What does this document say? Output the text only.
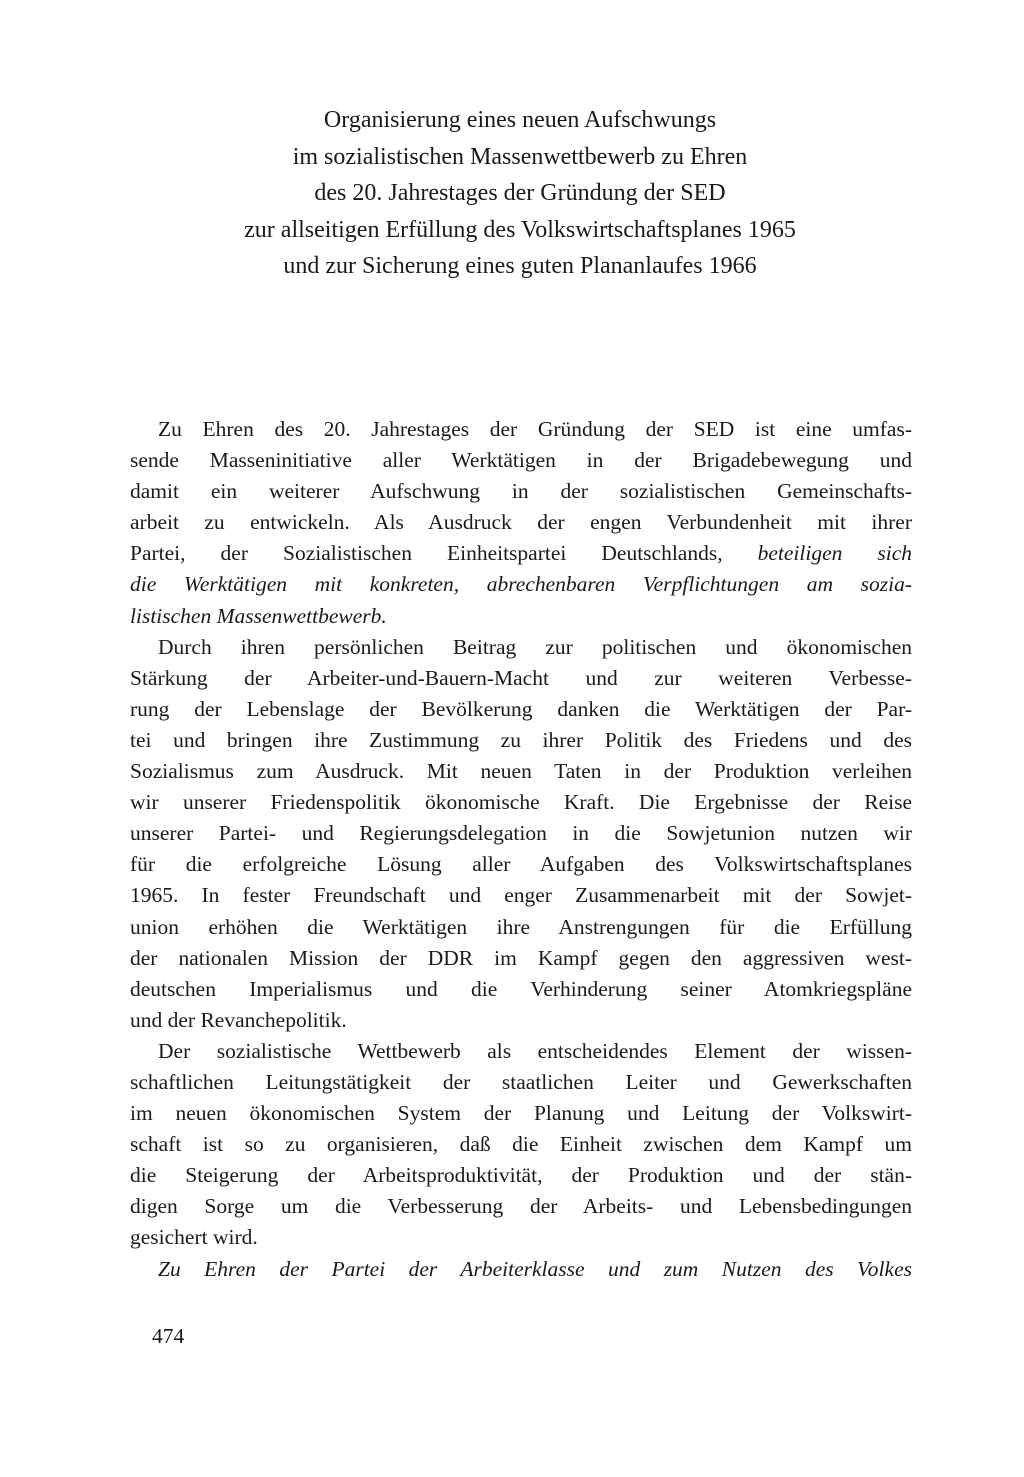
Organisierung eines neuen Aufschwungs
im sozialistischen Massenwettbewerb zu Ehren
des 20. Jahrestages der Gründung der SED
zur allseitigen Erfüllung des Volkswirtschaftsplanes 1965
und zur Sicherung eines guten Plananlaufes 1966
Zu Ehren des 20. Jahrestages der Gründung der SED ist eine umfas-
sende Masseninitiative aller Werktätigen in der Brigadebewegung und
damit ein weiterer Aufschwung in der sozialistischen Gemeinschafts-
arbeit zu entwickeln. Als Ausdruck der engen Verbundenheit mit ihrer
Partei, der Sozialistischen Einheitspartei Deutschlands, beteiligen sich
die Werktätigen mit konkreten, abrechenbaren Verpflichtungen am sozia-
listischen Massenwettbewerb.
Durch ihren persönlichen Beitrag zur politischen und ökonomischen
Stärkung der Arbeiter-und-Bauern-Macht und zur weiteren Verbesse-
rung der Lebenslage der Bevölkerung danken die Werktätigen der Par-
tei und bringen ihre Zustimmung zu ihrer Politik des Friedens und des
Sozialismus zum Ausdruck. Mit neuen Taten in der Produktion verleihen
wir unserer Friedenspolitik ökonomische Kraft. Die Ergebnisse der Reise
unserer Partei- und Regierungsdelegation in die Sowjetunion nutzen wir
für die erfolgreiche Lösung aller Aufgaben des Volkswirtschaftsplanes
1965. In fester Freundschaft und enger Zusammenarbeit mit der Sowjet-
union erhöhen die Werktätigen ihre Anstrengungen für die Erfüllung
der nationalen Mission der DDR im Kampf gegen den aggressiven west-
deutschen Imperialismus und die Verhinderung seiner Atomkriegspläne
und der Revanchepolitik.
Der sozialistische Wettbewerb als entscheidendes Element der wissen-
schaftlichen Leitungstätigkeit der staatlichen Leiter und Gewerkschaften
im neuen ökonomischen System der Planung und Leitung der Volkswirt-
schaft ist so zu organisieren, daß die Einheit zwischen dem Kampf um
die Steigerung der Arbeitsproduktivität, der Produktion und der stän-
digen Sorge um die Verbesserung der Arbeits- und Lebensbedingungen
gesichert wird.
Zu Ehren der Partei der Arbeiterklasse und zum Nutzen des Volkes
474
